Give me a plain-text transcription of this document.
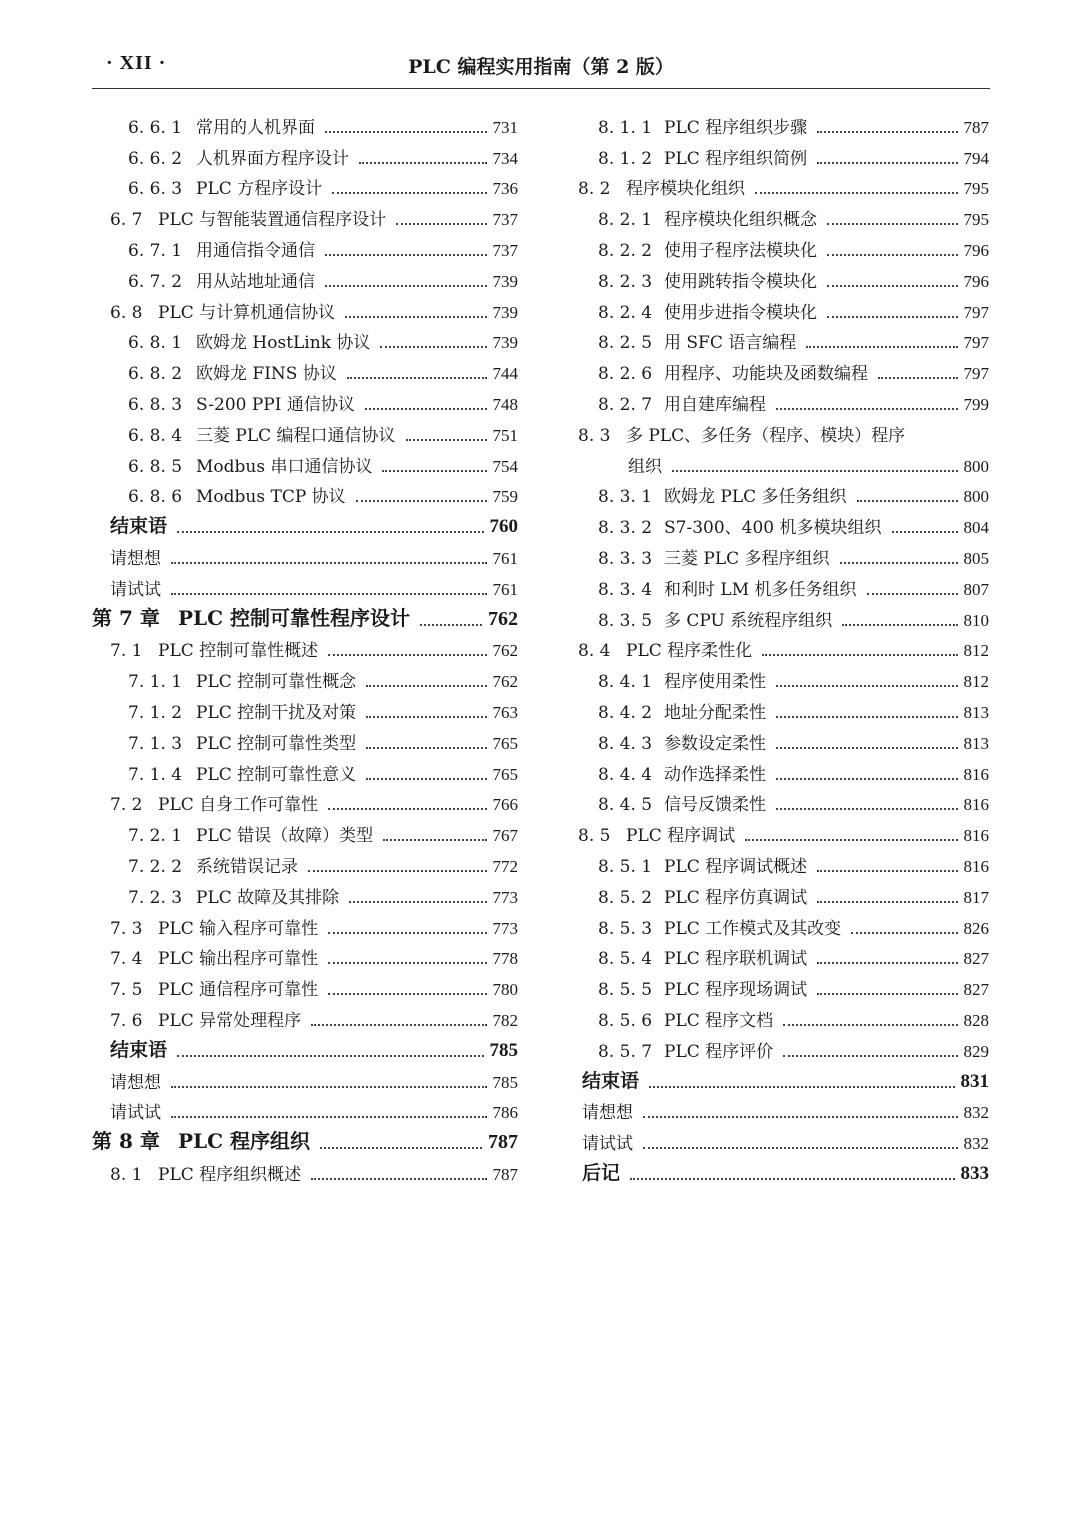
· XII ·	PLC 编程实用指南（第 2 版）
6. 6. 1 常用的人机界面	731
6. 6. 2 人机界面方程序设计	734
6. 6. 3 PLC 方程序设计	736
6. 7 PLC 与智能装置通信程序设计	737
6. 7. 1 用通信指令通信	737
6. 7. 2 用从站地址通信	739
6. 8 PLC 与计算机通信协议	739
6. 8. 1 欧姆龙 HostLink 协议	739
6. 8. 2 欧姆龙 FINS 协议	744
6. 8. 3 S-200 PPI 通信协议	748
6. 8. 4 三菱 PLC 编程口通信协议	751
6. 8. 5 Modbus 串口通信协议	754
6. 8. 6 Modbus TCP 协议	759
结束语	760
请想想	761
请试试	761
第 7 章 PLC 控制可靠性程序设计	762
7. 1 PLC 控制可靠性概述	762
7. 1. 1 PLC 控制可靠性概念	762
7. 1. 2 PLC 控制干扰及对策	763
7. 1. 3 PLC 控制可靠性类型	765
7. 1. 4 PLC 控制可靠性意义	765
7. 2 PLC 自身工作可靠性	766
7. 2. 1 PLC 错误（故障）类型	767
7. 2. 2 系统错误记录	772
7. 2. 3 PLC 故障及其排除	773
7. 3 PLC 输入程序可靠性	773
7. 4 PLC 输出程序可靠性	778
7. 5 PLC 通信程序可靠性	780
7. 6 PLC 异常处理程序	782
结束语	785
请想想	785
请试试	786
第 8 章 PLC 程序组织	787
8. 1 PLC 程序组织概述	787
8. 1. 1 PLC 程序组织步骤	787
8. 1. 2 PLC 程序组织简例	794
8. 2 程序模块化组织	795
8. 2. 1 程序模块化组织概念	795
8. 2. 2 使用子程序法模块化	796
8. 2. 3 使用跳转指令模块化	796
8. 2. 4 使用步进指令模块化	797
8. 2. 5 用 SFC 语言编程	797
8. 2. 6 用程序、功能块及函数编程	797
8. 2. 7 用自建库编程	799
8. 3 多 PLC、多任务（程序、模块）程序
组织	800
8. 3. 1 欧姆龙 PLC 多任务组织	800
8. 3. 2 S7-300、400 机多模块组织	804
8. 3. 3 三菱 PLC 多程序组织	805
8. 3. 4 和利时 LM 机多任务组织	807
8. 3. 5 多 CPU 系统程序组织	810
8. 4 PLC 程序柔性化	812
8. 4. 1 程序使用柔性	812
8. 4. 2 地址分配柔性	813
8. 4. 3 参数设定柔性	813
8. 4. 4 动作选择柔性	816
8. 4. 5 信号反馈柔性	816
8. 5 PLC 程序调试	816
8. 5. 1 PLC 程序调试概述	816
8. 5. 2 PLC 程序仿真调试	817
8. 5. 3 PLC 工作模式及其改变	826
8. 5. 4 PLC 程序联机调试	827
8. 5. 5 PLC 程序现场调试	827
8. 5. 6 PLC 程序文档	828
8. 5. 7 PLC 程序评价	829
结束语	831
请想想	832
请试试	832
后记	833
